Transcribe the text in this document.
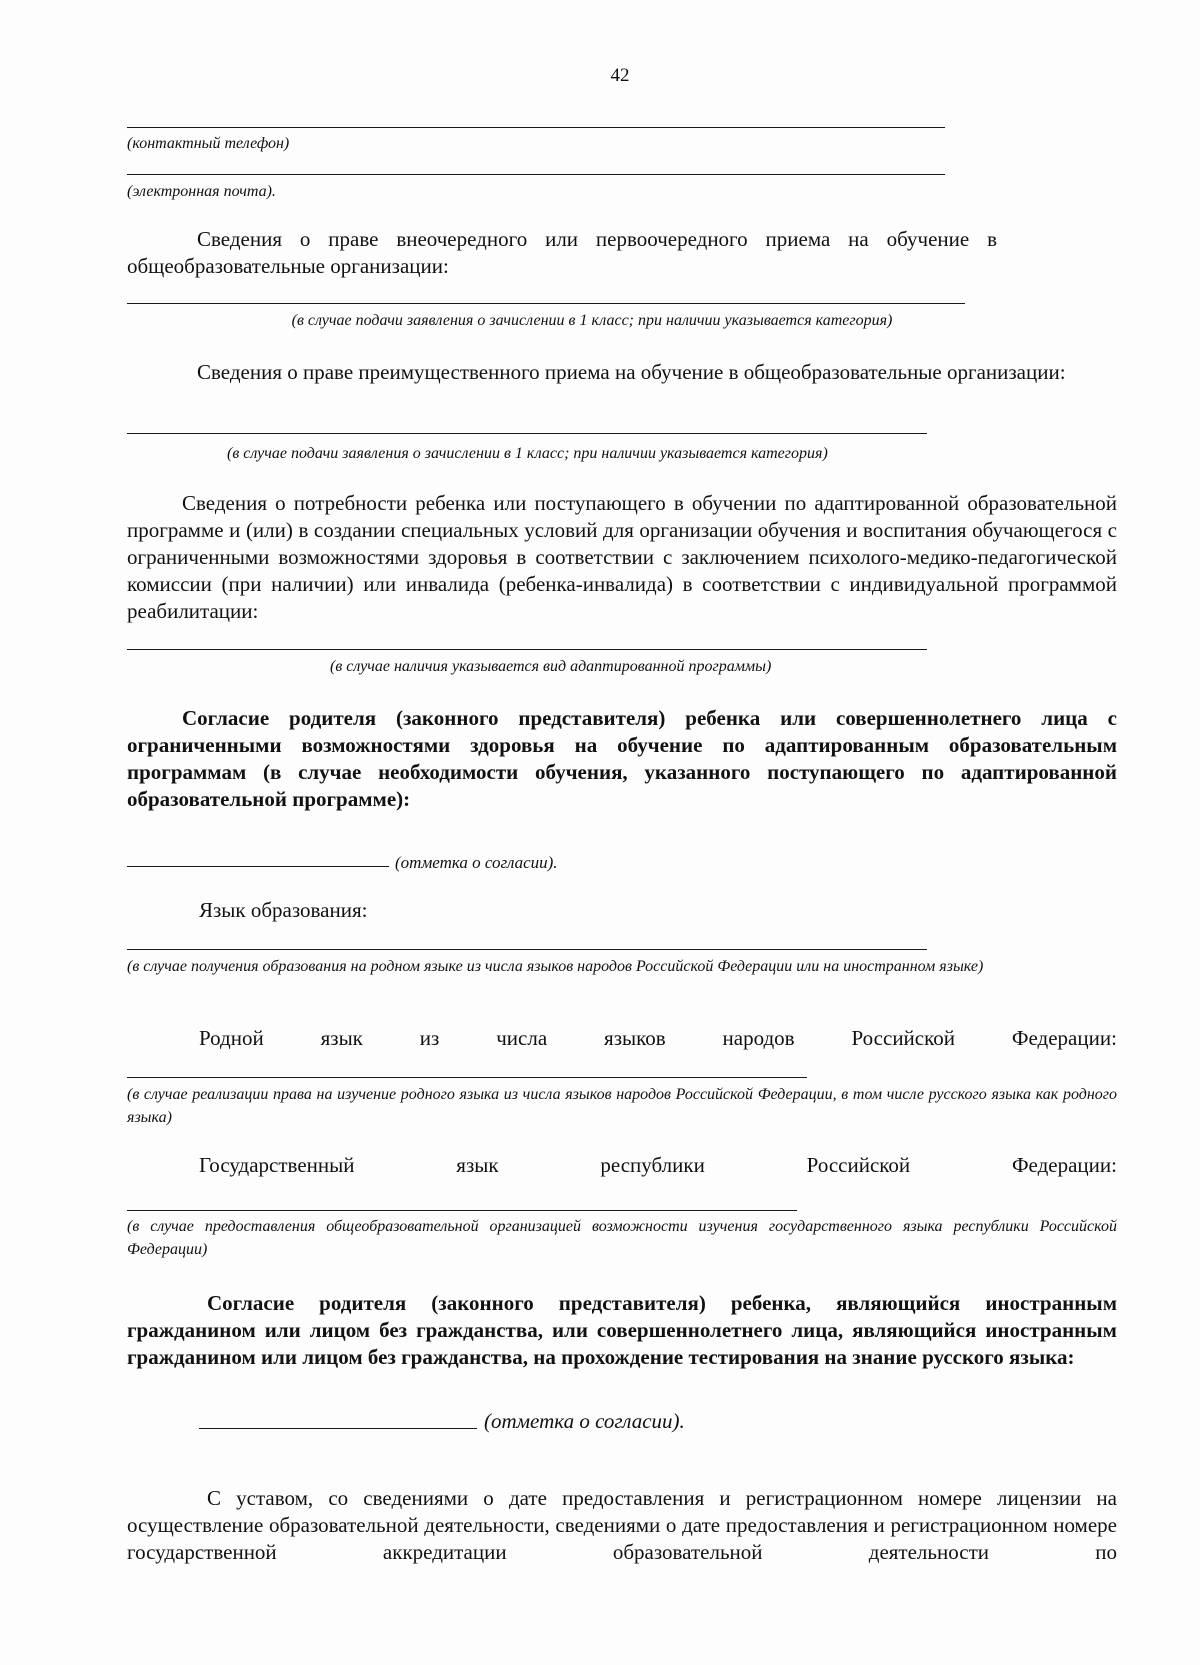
42
(контактный телефон)
(электронная почта).
Сведения о праве внеочередного или первоочередного приема на обучение в общеобразовательные организации:
(в случае подачи заявления о зачислении в 1 класс; при наличии указывается категория)
Сведения о праве преимущественного приема на обучение в общеобразовательные организации:
(в случае подачи заявления о зачислении в 1 класс; при наличии указывается категория)
Сведения о потребности ребенка или поступающего в обучении по адаптированной образовательной программе и (или) в создании специальных условий для организации обучения и воспитания обучающегося с ограниченными возможностями здоровья в соответствии с заключением психолого-медико-педагогической комиссии (при наличии) или инвалида (ребенка-инвалида) в соответствии с индивидуальной программой реабилитации:
(в случае наличия указывается вид адаптированной программы)
Согласие родителя (законного представителя) ребенка или совершеннолетнего лица с ограниченными возможностями здоровья на обучение по адаптированным образовательным программам (в случае необходимости обучения, указанного поступающего по адаптированной образовательной программе):
(отметка о согласии).
Язык образования:
(в случае получения образования на родном языке из числа языков народов Российской Федерации или на иностранном языке)
Родной	язык	из	числа	языков	народов	Российской	Федерации:
(в случае реализации права на изучение родного языка из числа языков народов Российской Федерации, в том числе русского языка как родного языка)
Государственный	язык	республики	Российской	Федерации:
(в случае предоставления общеобразовательной организацией возможности изучения государственного языка республики Российской Федерации)
Согласие родителя (законного представителя) ребенка, являющийся иностранным гражданином или лицом без гражданства, или совершеннолетнего лица, являющийся иностранным гражданином или лицом без гражданства, на прохождение тестирования на знание русского языка:
(отметка о согласии).
С уставом, со сведениями о дате предоставления и регистрационном номере лицензии на осуществление образовательной деятельности, сведениями о дате предоставления и регистрационном номере государственной аккредитации образовательной деятельности по
